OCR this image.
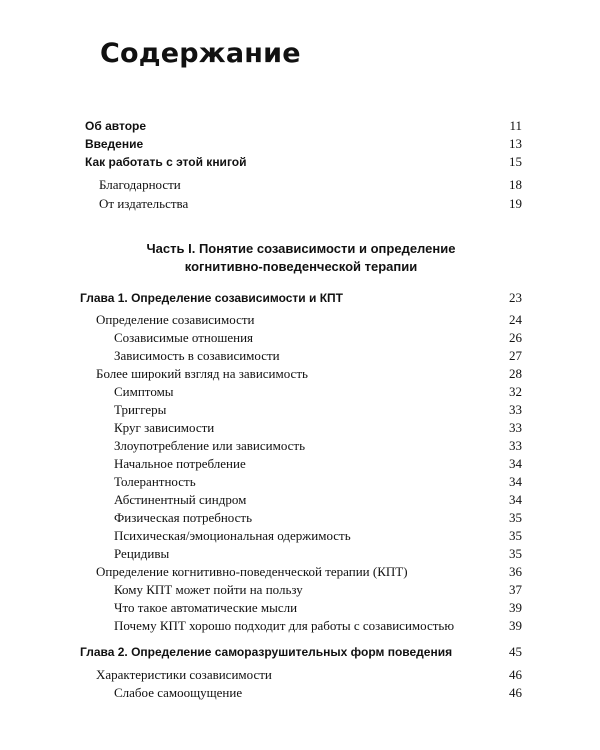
Содержание
Об авторе	11
Введение	13
Как работать с этой книгой	15
Благодарности	18
От издательства	19
Часть I. Понятие созависимости и определение
когнитивно-поведенческой терапии
Глава 1. Определение созависимости и КПТ	23
Определение созависимости	24
Созависимые отношения	26
Зависимость в созависимости	27
Более широкий взгляд на зависимость	28
Симптомы	32
Триггеры	33
Круг зависимости	33
Злоупотребление или зависимость	33
Начальное потребление	34
Толерантность	34
Абстинентный синдром	34
Физическая потребность	35
Психическая/эмоциональная одержимость	35
Рецидивы	35
Определение когнитивно-поведенческой терапии (КПТ)	36
Кому КПТ может пойти на пользу	37
Что такое автоматические мысли	39
Почему КПТ хорошо подходит для работы с созависимостью	39
Глава 2. Определение саморазрушительных форм поведения	45
Характеристики созависимости	46
Слабое самоощущение	46
